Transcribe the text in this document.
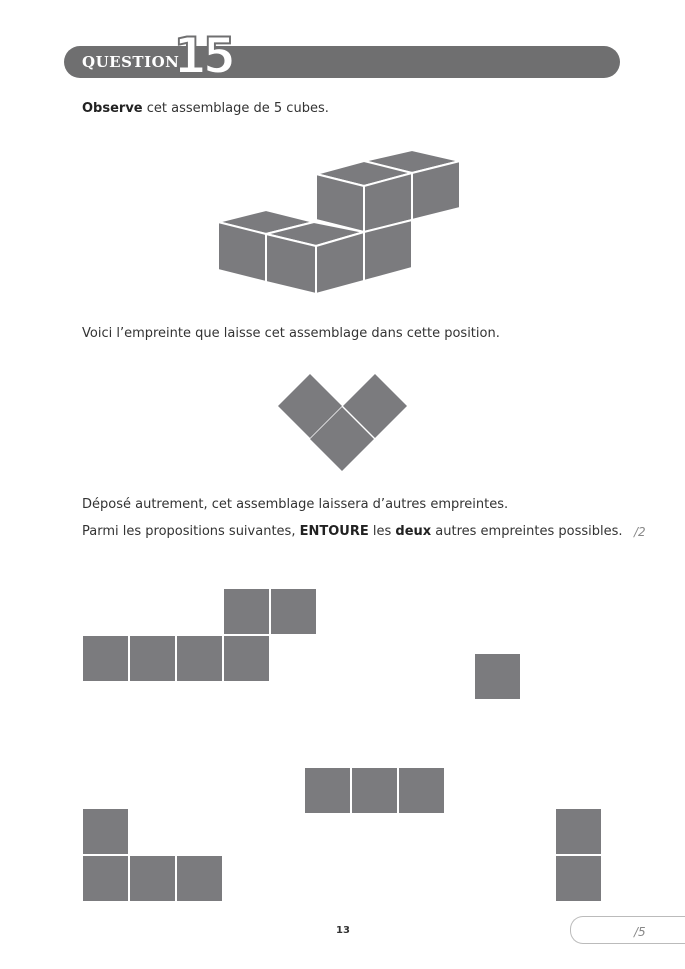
QUESTION
15
Observe cet assemblage de 5 cubes.
Voici l’empreinte que laisse cet assemblage dans cette position.
Déposé autrement, cet assemblage laissera d’autres empreintes.
Parmi les propositions suivantes, ENTOURE les deux autres empreintes possibles. /2
/5
13
